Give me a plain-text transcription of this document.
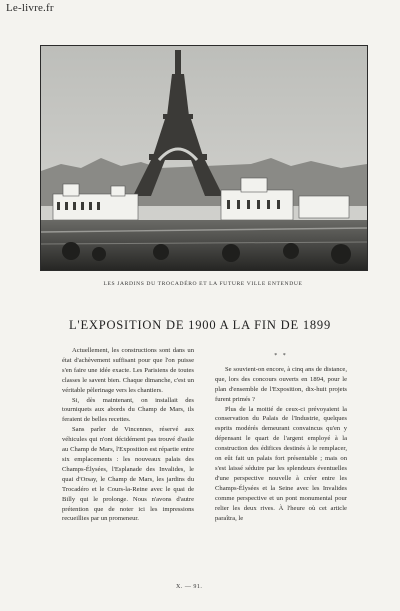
Le-livre.fr
LES JARDINS DU TROCADÉRO ET LA FUTURE VILLE ENTENDUE
L'EXPOSITION DE 1900 A LA FIN DE 1899

Actuellement, les constructions sont dans un état d'achèvement suffisant pour que l'on puisse s'en faire une idée exacte. Les Parisiens de toutes classes le savent bien. Chaque dimanche, c'est un véritable pèlerinage vers les chantiers.

Si, dès maintenant, on installait des tourniquets aux abords du Champ de Mars, ils feraient de belles recettes.

Sans parler de Vincennes, réservé aux véhicules qui n'ont décidément pas trouvé d'asile au Champ de Mars, l'Exposition est répartie entre six emplacements : les nouveaux palais des Champs-Élysées, l'Esplanade des Invalides, le quai d'Orsay, le Champ de Mars, les jardins du Trocadéro et le Cours-la-Reine avec le quai de Billy qui le prolonge. Nous n'avons d'autre prétention que de noter ici les impressions recueillies par un promeneur.

* *

Se souvient-on encore, à cinq ans de distance, que, lors des concours ouverts en 1894, pour le plan d'ensemble de l'Exposition, dix-huit projets furent primés ?

Plus de la moitié de ceux-ci prévoyaient la conservation du Palais de l'Industrie, quelques esprits modérés demeurant convaincus qu'en y dépensant le quart de l'argent employé à la construction des édifices destinés à le remplacer, on eût fait un palais fort présentable ; mais on s'est laissé séduire par les splendeurs éventuelles d'une perspective nouvelle à créer entre les Champs-Élysées et la Seine avec les Invalides comme perspective et un pont monumental pour relier les deux rives. À l'heure où cet article paraîtra, le

X. — 91.
